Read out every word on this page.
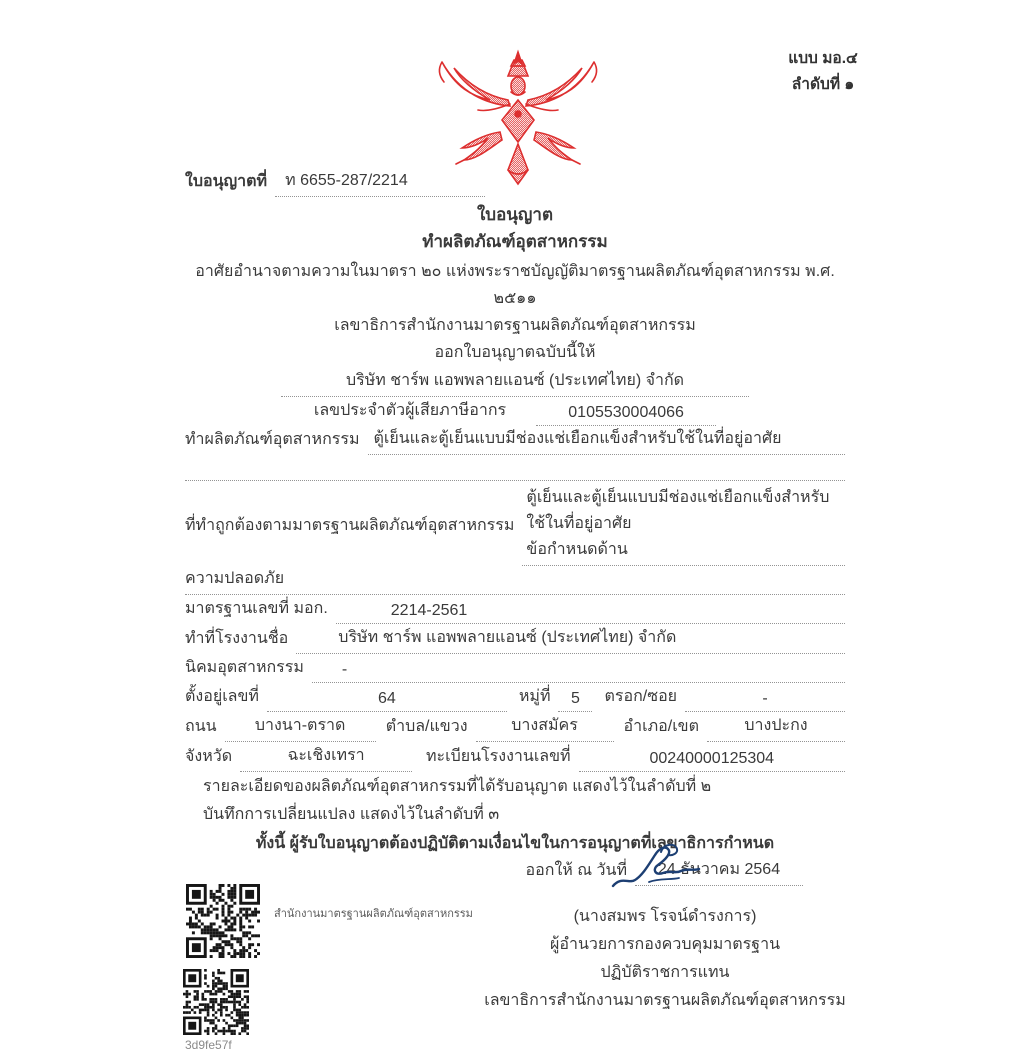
แบบ มอ.๔
ลำดับที่ ๑
ใบอนุญาตที่	ท 6655-287/2214
ใบอนุญาต
ทำผลิตภัณฑ์อุตสาหกรรม
อาศัยอำนาจตามความในมาตรา ๒๐ แห่งพระราชบัญญัติมาตรฐานผลิตภัณฑ์อุตสาหกรรม พ.ศ. ๒๕๑๑
เลขาธิการสำนักงานมาตรฐานผลิตภัณฑ์อุตสาหกรรม
ออกใบอนุญาตฉบับนี้ให้
บริษัท ชาร์พ แอพพลายแอนซ์ (ประเทศไทย) จำกัด
เลขประจำตัวผู้เสียภาษีอากร	0105530004066
ทำผลิตภัณฑ์อุตสาหกรรม ตู้เย็นและตู้เย็นแบบมีช่องแช่เยือกแข็งสำหรับใช้ในที่อยู่อาศัย
ที่ทำถูกต้องตามมาตรฐานผลิตภัณฑ์อุตสาหกรรม
ตู้เย็นและตู้เย็นแบบมีช่องแช่เยือกแข็งสำหรับใช้ในที่อยู่อาศัย
ข้อกำหนดด้าน
ความปลอดภัย
มาตรฐานเลขที่ มอก.	2214-2561
ทำที่โรงงานชื่อ	บริษัท ชาร์พ แอพพลายแอนซ์ (ประเทศไทย) จำกัด
นิคมอุตสาหกรรม	-
ตั้งอยู่เลขที่	64	หมู่ที่	5	ตรอก/ซอย	-
ถนน	บางนา-ตราด	ตำบล/แขวง	บางสมัคร	อำเภอ/เขต	บางปะกง
จังหวัด	ฉะเชิงเทรา	ทะเบียนโรงงานเลขที่	00240000125304
รายละเอียดของผลิตภัณฑ์อุตสาหกรรมที่ได้รับอนุญาต แสดงไว้ในลำดับที่ ๒
บันทึกการเปลี่ยนแปลง แสดงไว้ในลำดับที่ ๓
ทั้งนี้ ผู้รับใบอนุญาตต้องปฏิบัติตามเงื่อนไขในการอนุญาตที่เลขาธิการกำหนด
ออกให้ ณ วันที่	24 ธันวาคม 2564
(นางสมพร โรจน์ดำรงการ)
ผู้อำนวยการกองควบคุมมาตรฐาน
ปฏิบัติราชการแทน
เลขาธิการสำนักงานมาตรฐานผลิตภัณฑ์อุตสาหกรรม
สำนักงานมาตรฐานผลิตภัณฑ์อุตสาหกรรม
3d9fe57f
